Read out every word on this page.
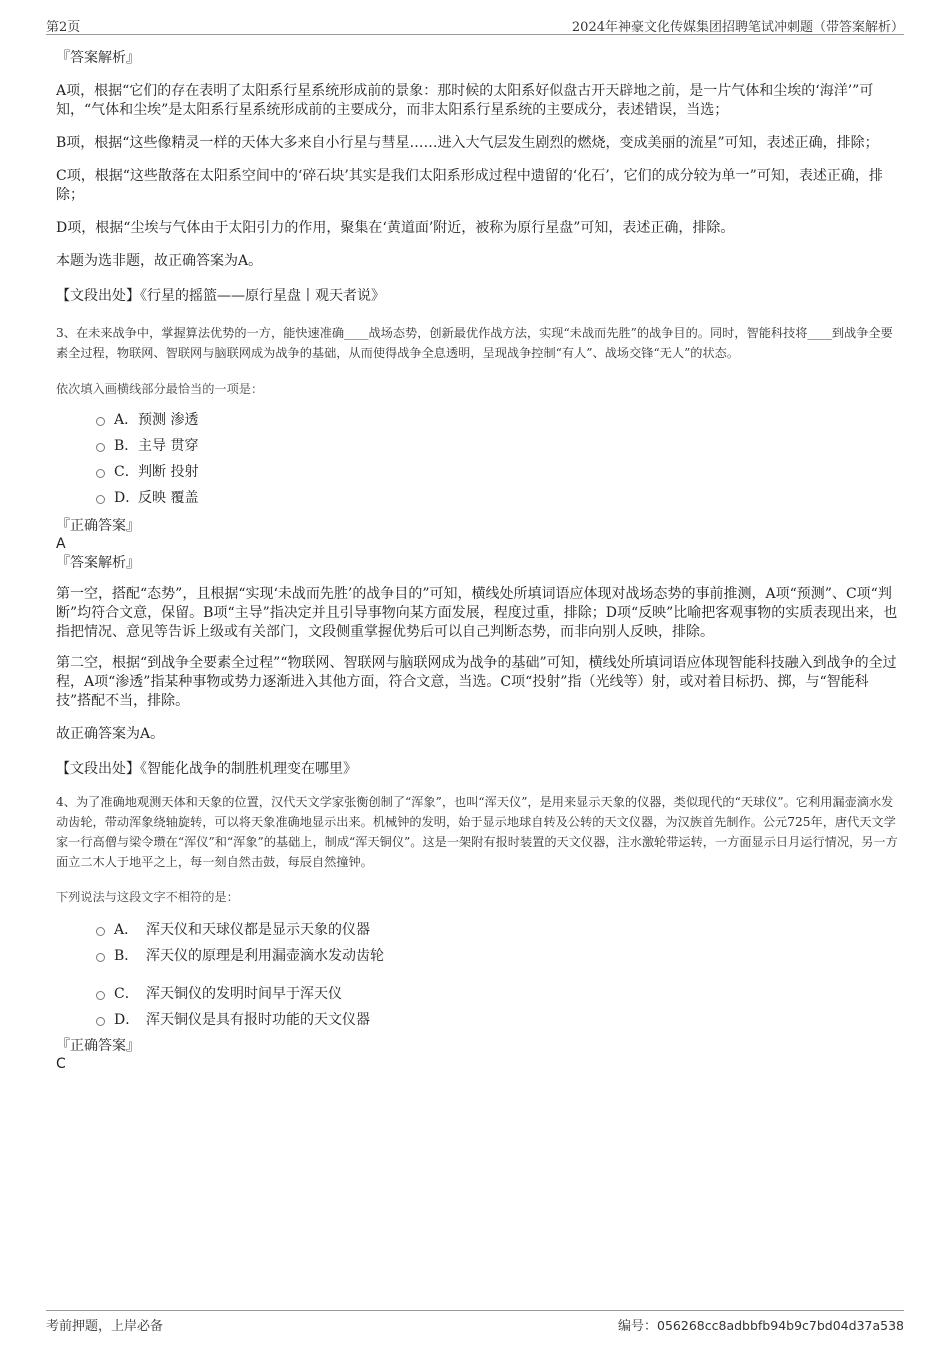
第2页	2024年神豪文化传媒集团招聘笔试冲刺题（带答案解析）
『答案解析』

A项，根据“它们的存在表明了太阳系行星系统形成前的景象：那时候的太阳系好似盘古开天辟地之前，是一片气体和尘埃的‘海洋’”可知，“气体和尘埃”是太阳系行星系统形成前的主要成分，而非太阳系行星系统的主要成分，表述错误，当选；

B项，根据“这些像精灵一样的天体大多来自小行星与彗星……进入大气层发生剧烈的燃烧，变成美丽的流星”可知，表述正确，排除；

C项，根据“这些散落在太阳系空间中的‘碎石块’其实是我们太阳系形成过程中遗留的‘化石’，它们的成分较为单一”可知，表述正确，排除；

D项，根据“尘埃与气体由于太阳引力的作用，聚集在‘黄道面’附近，被称为原行星盘”可知，表述正确，排除。

本题为选非题，故正确答案为A。

【文段出处】《行星的摇篮——原行星盘丨观天者说》

3、在未来战争中，掌握算法优势的一方，能快速准确____战场态势，创新最优作战方法，实现“未战而先胜”的战争目的。同时，智能科技将____到战争全要素全过程，物联网、智联网与脑联网成为战争的基础，从而使得战争全息透明，呈现战争控制“有人”、战场交锋“无人”的状态。

依次填入画横线部分最恰当的一项是：

A． 预测 渗透
B． 主导 贯穿
C． 判断 投射
D．
反映 覆盖
『正确答案』
A
『答案解析』

第一空，搭配“态势”，且根据“实现‘未战而先胜’的战争目的”可知，横线处所填词语应体现对战场态势的事前推测，A项“预测”、C项“判断”均符合文意，保留。B项“主导”指决定并且引导事物向某方面发展，程度过重，排除；D项“反映”比喻把客观事物的实质表现出来，也指把情况、意见等告诉上级或有关部门，文段侧重掌握优势后可以自己判断态势，而非向别人反映，排除。

第二空，根据“到战争全要素全过程”“物联网、智联网与脑联网成为战争的基础”可知，横线处所填词语应体现智能科技融入到战争的全过程，A项“渗透”指某种事物或势力逐渐进入其他方面，符合文意，当选。C项“投射”指（光线等）射，或对着目标扔、掷，与“智能科技”搭配不当，排除。

故正确答案为A。

【文段出处】《智能化战争的制胜机理变在哪里》

4、为了准确地观测天体和天象的位置，汉代天文学家张衡创制了“浑象”，也叫“浑天仪”，是用来显示天象的仪器，类似现代的“天球仪”。它利用漏壶滴水发动齿轮，带动浑象绕轴旋转，可以将天象准确地显示出来。机械钟的发明，始于显示地球自转及公转的天文仪器，为汉族首先制作。公元725年，唐代天文学家一行高僧与梁令瓒在“浑仪”和“浑象”的基础上，制成“浑天铜仪”。这是一架附有报时装置的天文仪器，注水激轮带运转，一方面显示日月运行情况，另一方面立二木人于地平之上，每一刻自然击鼓，每辰自然撞钟。

下列说法与这段文字不相符的是：

A． 浑天仪和天球仪都是显示天象的仪器
B． 浑天仪的原理是利用漏壶滴水发动齿轮
C． 浑天铜仪的发明时间早于浑天仪
D． 浑天铜仪是具有报时功能的天文仪器
『正确答案』
C
考前押题，上岸必备	编号：056268cc8adbbfb94b9c7bd04d37a538
